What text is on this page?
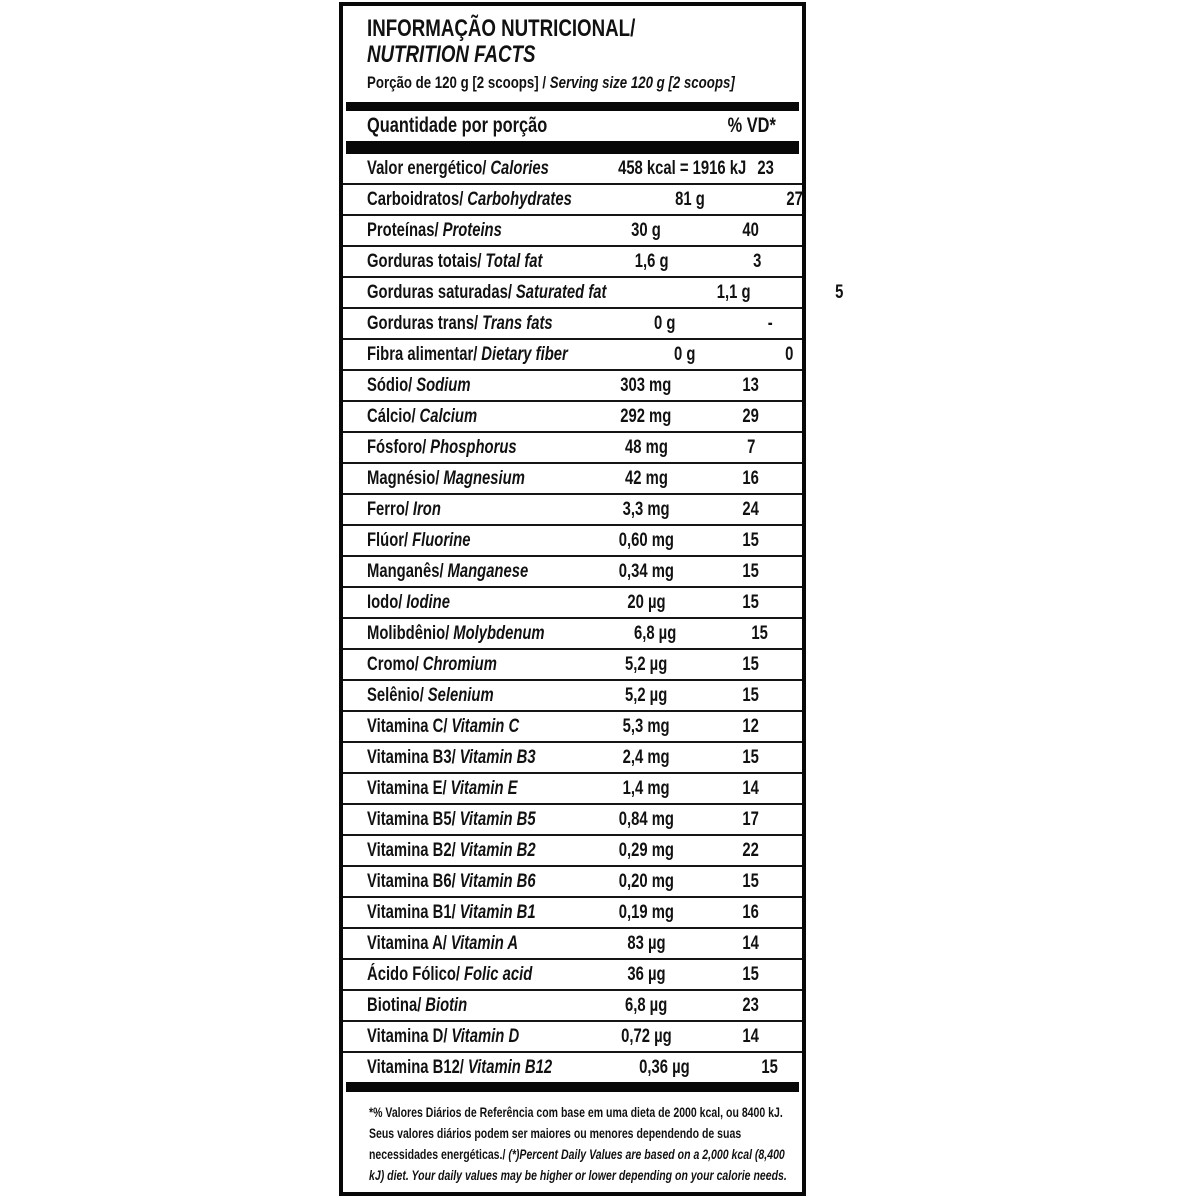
INFORMAÇÃO NUTRICIONAL/
NUTRITION FACTS
Porção de 120 g [2 scoops] / Serving size 120 g [2 scoops]
Quantidade por porção	% VD*
Valor energético/ Calories	458 kcal = 1916 kJ 23
Carboidratos/ Carbohydrates	81 g	27
Proteínas/ Proteins	30 g	40
Gorduras totais/ Total fat	1,6 g	3
Gorduras saturadas/ Saturated fat	1,1 g	5
Gorduras trans/ Trans fats	0 g	-
Fibra alimentar/ Dietary fiber	0 g	0
Sódio/ Sodium	303 mg	13
Cálcio/ Calcium	292 mg	29
Fósforo/ Phosphorus	48 mg	7
Magnésio/ Magnesium	42 mg	16
Ferro/ Iron	3,3 mg	24
Flúor/ Fluorine	0,60 mg	15
Manganês/ Manganese	0,34 mg	15
Iodo/ Iodine	20 µg	15
Molibdênio/ Molybdenum	6,8 µg	15
Cromo/ Chromium	5,2 µg	15
Selênio/ Selenium	5,2 µg	15
Vitamina C/ Vitamin C	5,3 mg	12
Vitamina B3/ Vitamin B3	2,4 mg	15
Vitamina E/ Vitamin E	1,4 mg	14
Vitamina B5/ Vitamin B5	0,84 mg	17
Vitamina B2/ Vitamin B2	0,29 mg	22
Vitamina B6/ Vitamin B6	0,20 mg	15
Vitamina B1/ Vitamin B1	0,19 mg	16
Vitamina A/ Vitamin A	83 µg	14
Ácido Fólico/ Folic acid	36 µg	15
Biotina/ Biotin	6,8 µg	23
Vitamina D/ Vitamin D	0,72 µg	14
Vitamina B12/ Vitamin B12	0,36 µg	15
*% Valores Diários de Referência com base em uma dieta de 2000 kcal, ou 8400 kJ. Seus valores diários podem ser maiores ou menores dependendo de suas necessidades energéticas./ (*)Percent Daily Values are based on a 2,000 kcal (8,400 kJ) diet. Your daily values may be higher or lower depending on your calorie needs.
